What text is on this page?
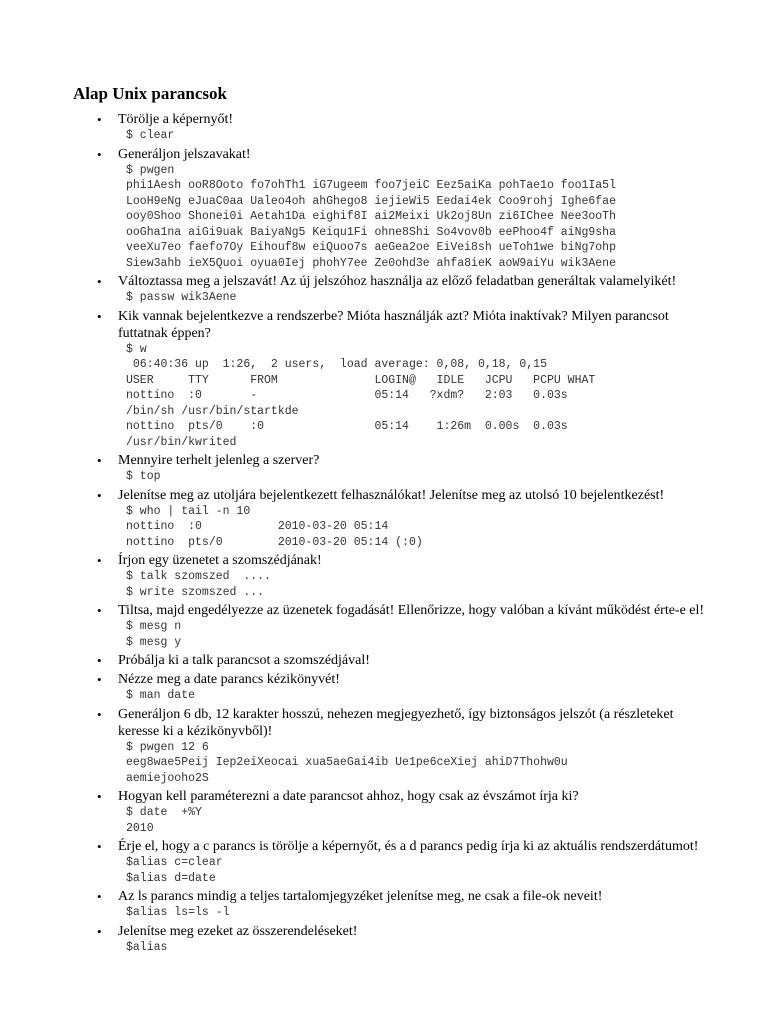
Alap Unix parancsok
• Törölje a képernyőt!
$ clear
• Generáljon jelszavakat!
$ pwgen
phi1Aesh ooR8Ooto fo7ohTh1 iG7ugeem foo7jeiC Eez5aiKa pohTae1o foo1Ia5l
LooH9eNg eJuaC0aa Ualeo4oh ahGhego8 iejieWi5 Eedai4ek Coo9rohj Ighe6fae
ooy0Shoo Shonei0i Aetah1Da eighif8I ai2Meixi Uk2oj8Un zi6IChee Nee3ooTh
ooGha1na aiGi9uak BaiyaNg5 Keiqu1Fi ohne8Shi So4vov0b eePhoo4f aiNg9sha
veeXu7eo faefo7Oy Eihouf8w eiQuoo7s aeGea2oe EiVei8sh ueToh1we biNg7ohp
Siew3ahb ieX5Quoi oyua0Iej phohY7ee Ze0ohd3e ahfa8ieK aoW9aiYu wik3Aene
• Változtassa meg a jelszavát! Az új jelszóhoz használja az előző feladatban generáltak valamelyikét!
$ passw wik3Aene
• Kik vannak bejelentkezve a rendszerbe? Mióta használják azt? Mióta inaktívak? Milyen parancsot futtatnak éppen?
$ w
06:40:36 up  1:26,  2 users,  load average: 0,08, 0,18, 0,15
USER     TTY      FROM              LOGIN@   IDLE   JCPU   PCPU WHAT
nottino  :0       -                 05:14   ?xdm?   2:03   0.03s
/bin/sh /usr/bin/startkde
nottino  pts/0    :0                05:14    1:26m  0.00s  0.03s
/usr/bin/kwrited
• Mennyire terhelt jelenleg a szerver?
$ top
• Jelenítse meg az utoljára bejelentkezett felhasználókat! Jelenítse meg az utolsó 10 bejelentkezést!
$ who | tail -n 10
nottino  :0           2010-03-20 05:14
nottino  pts/0        2010-03-20 05:14 (:0)
• Írjon egy üzenetet a szomszédjának!
$ talk szomszed  ....
$ write szomszed ...
• Tiltsa, majd engedélyezze az üzenetek fogadását! Ellenőrizze, hogy valóban a kívánt működést érte-e el!
$ mesg n
$ mesg y
• Próbálja ki a talk parancsot a szomszédjával!
• Nézze meg a date parancs kézikönyvét!
$ man date
• Generáljon 6 db, 12 karakter hosszú, nehezen megjegyezhető, így biztonságos jelszót (a részleteket keresse ki a kézikönyvből)!
$ pwgen 12 6
eeg8wae5Peij Iep2eiXeocai xua5aeGai4ib Ue1pe6ceXiej ahiD7Thohw0u
aemiejooho2S
• Hogyan kell paraméterezni a date parancsot ahhoz, hogy csak az évszámot írja ki?
$ date  +%Y
2010
• Érje el, hogy a c parancs is törölje a képernyőt, és a d parancs pedig írja ki az aktuális rendszerdátumot!
$alias c=clear
$alias d=date
• Az ls parancs mindig a teljes tartalomjegyzéket jelenítse meg, ne csak a file-ok neveit!
$alias ls=ls -l
• Jelenítse meg ezeket az összerendeléseket!
$alias
